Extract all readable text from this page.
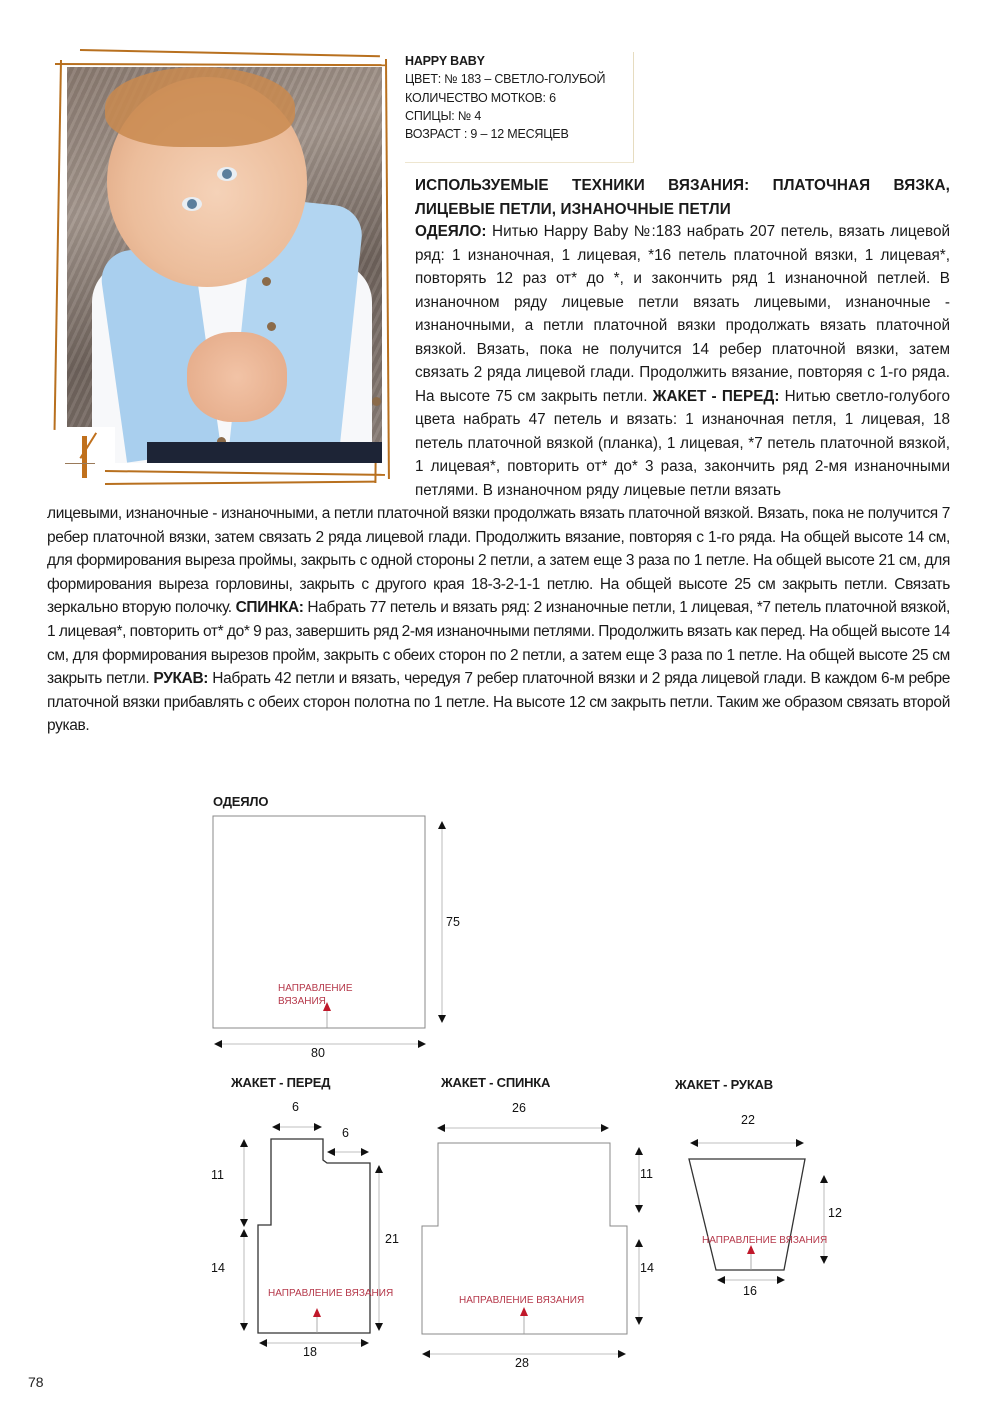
HAPPY BABY
ЦВЕТ: № 183 – СВЕТЛО-ГОЛУБОЙ
КОЛИЧЕСТВО МОТКОВ: 6
СПИЦЫ: № 4
ВОЗРАСТ : 9 – 12 МЕСЯЦЕВ
ИСПОЛЬЗУЕМЫЕ ТЕХНИКИ ВЯЗАНИЯ: ПЛАТОЧНАЯ ВЯЗКА, ЛИЦЕВЫЕ ПЕТЛИ, ИЗНАНОЧНЫЕ ПЕТЛИ

ОДЕЯЛО: Нитью Happy Baby №:183 набрать 207 петель, вязать лицевой ряд: 1 изнаночная, 1 лицевая, *16 петель платочной вязки, 1 лицевая*, повторять 12 раз от* до *, и закончить ряд 1 изнаночной петлей. В изнаночном ряду лицевые петли вязать лицевыми, изнаночные - изнаночными, а петли платочной вязки продолжать вязать платочной вязкой. Вязать, пока не получится 14 ребер платочной вязки, затем связать 2 ряда лицевой глади. Продолжить вязание, повторяя с 1-го ряда. На высоте 75 см закрыть петли. ЖАКЕТ - ПЕРЕД: Нитью светло-голубого цвета набрать 47 петель и вязать: 1 изнаночная петля, 1 лицевая, 18 петель платочной вязкой (планка), 1 лицевая, *7 петель платочной вязкой, 1 лицевая*, повторить от* до* 3 раза, закончить ряд 2-мя изнаночными петлями. В изнаночном ряду лицевые петли вязать

лицевыми, изнаночные - изнаночными, а петли платочной вязки продолжать вязать платочной вязкой. Вязать, пока не получится 7 ребер платочной вязки, затем связать 2 ряда лицевой глади. Продолжить вязание, повторяя с 1-го ряда. На общей высоте 14 см, для формирования выреза проймы, закрыть с одной стороны 2 петли, а затем еще 3 раза по 1 петле. На общей высоте 21 см, для формирования выреза горловины, закрыть с другого края 18-3-2-1-1 петлю. На общей высоте 25 см закрыть петли. Связать зеркально вторую полочку. СПИНКА: Набрать 77 петель и вязать ряд: 2 изнаночные петли, 1 лицевая, *7 петель платочной вязкой, 1 лицевая*, повторить от* до* 9 раз, завершить ряд 2-мя изнаночными петлями. Продолжить вязать как перед. На общей высоте 14 см, для формирования вырезов пройм, закрыть с обеих сторон по 2 петли, а затем еще 3 раза по 1 петле. На общей высоте 25 см закрыть петли. РУКАВ: Набрать 42 петли и вязать, чередуя 7 ребер платочной вязки и 2 ряда лицевой глади. В каждом 6-м ребре платочной вязки прибавлять с обеих сторон полотна по 1 петле. На высоте 12 см закрыть петли. Таким же образом связать второй рукав.

ОДЕЯЛО
ЖАКЕТ - ПЕРЕД	ЖАКЕТ - СПИНКА	ЖАКЕТ - РУКАВ
75
80
НАПРАВЛЕНИЕ
ВЯЗАНИЯ
6
6
11
14
21
18
НАПРАВЛЕНИЕ ВЯЗАНИЯ
26
11
14
28
НАПРАВЛЕНИЕ ВЯЗАНИЯ
22
12
16
НАПРАВЛЕНИЕ ВЯЗАНИЯ
78
